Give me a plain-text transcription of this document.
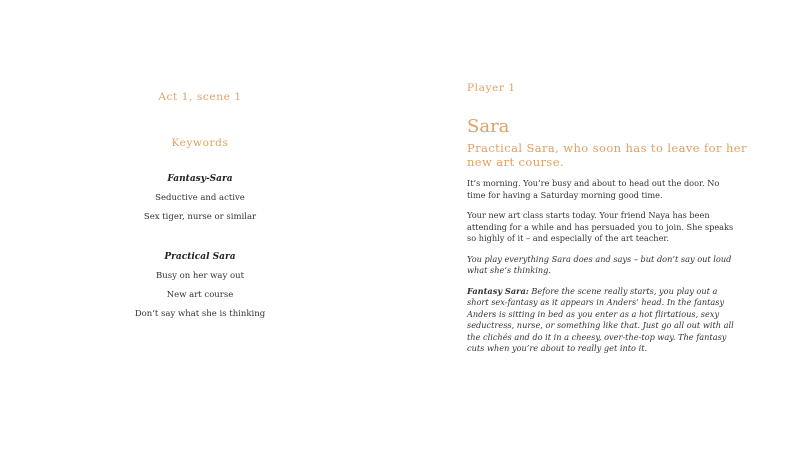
Act 1, scene 1
Keywords

Fantasy-Sara

Seductive and active

Sex tiger, nurse or similar

Practical Sara

Busy on her way out

New art course

Don’t say what she is thinking

Player 1
Sara
Practical Sara, who soon has to leave for her new art course.

It’s morning. You’re busy and about to head out the door. No time for having a Saturday morning good time.

Your new art class starts today. Your friend Naya has been attending for a while and has persuaded you to join. She speaks so highly of it – and especially of the art teacher.

You play everything Sara does and says – but don’t say out loud what she’s thinking.

Fantasy Sara: Before the scene really starts, you play out a short sex-fantasy as it appears in Anders’ head. In the fantasy Anders is sitting in bed as you enter as a hot flirtatious, sexy seductress, nurse, or something like that. Just go all out with all the clichés and do it in a cheesy, over-the-top way. The fantasy cuts when you’re about to really get into it.
